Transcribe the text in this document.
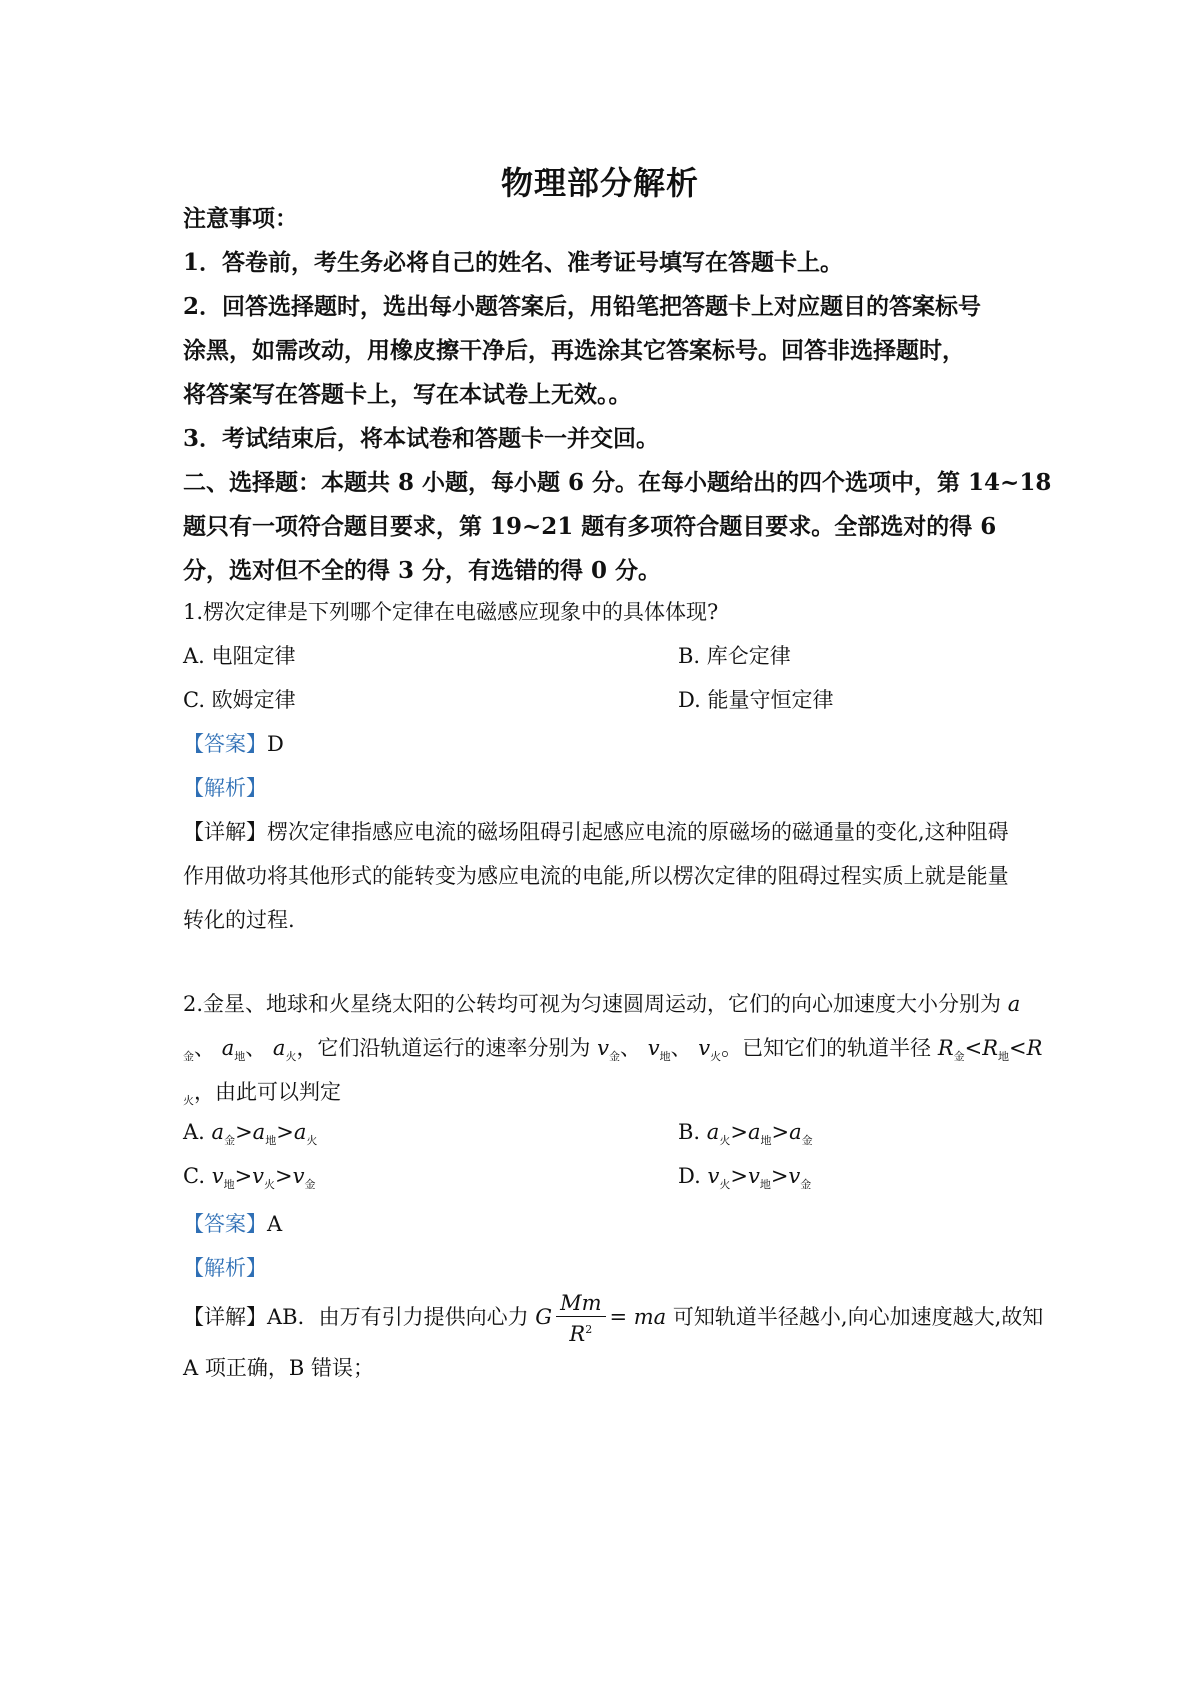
物理部分解析
注意事项：
1．答卷前，考生务必将自己的姓名、准考证号填写在答题卡上。
2．回答选择题时，选出每小题答案后，用铅笔把答题卡上对应题目的答案标号
涂黑，如需改动，用橡皮擦干净后，再选涂其它答案标号。回答非选择题时，
将答案写在答题卡上，写在本试卷上无效。。
3．考试结束后，将本试卷和答题卡一并交回。
二、选择题：本题共 8 小题，每小题 6 分。在每小题给出的四个选项中，第 14~18
题只有一项符合题目要求，第 19~21 题有多项符合题目要求。全部选对的得 6
分，选对但不全的得 3 分，有选错的得 0 分。
1.楞次定律是下列哪个定律在电磁感应现象中的具体体现?
A. 电阻定律	B. 库仑定律
C. 欧姆定律	D. 能量守恒定律
【答案】D
【解析】
【详解】楞次定律指感应电流的磁场阻碍引起感应电流的原磁场的磁通量的变化,这种阻碍
作用做功将其他形式的能转变为感应电流的电能,所以楞次定律的阻碍过程实质上就是能量
转化的过程.
2.金星、地球和火星绕太阳的公转均可视为匀速圆周运动，它们的向心加速度大小分别为 a
$_金$、 $a_地$、 $a_火$，它们沿轨道运行的速率分别为 $v_金$、 $v_地$、 $v_火$。已知它们的轨道半径 $R_金<R_地<R$
$_火$，由此可以判定
A. $a_金>a_地>a_火$	B. $a_火>a_地>a_金$
C. $v_地>v_火>v_金$	D. $v_火>v_地>v_金$
【答案】A
【解析】
【详解】AB．由万有引力提供向心力 G $\frac{Mm}{R^2}$ = ma 可知轨道半径越小,向心加速度越大,故知
A 项正确，B 错误；
